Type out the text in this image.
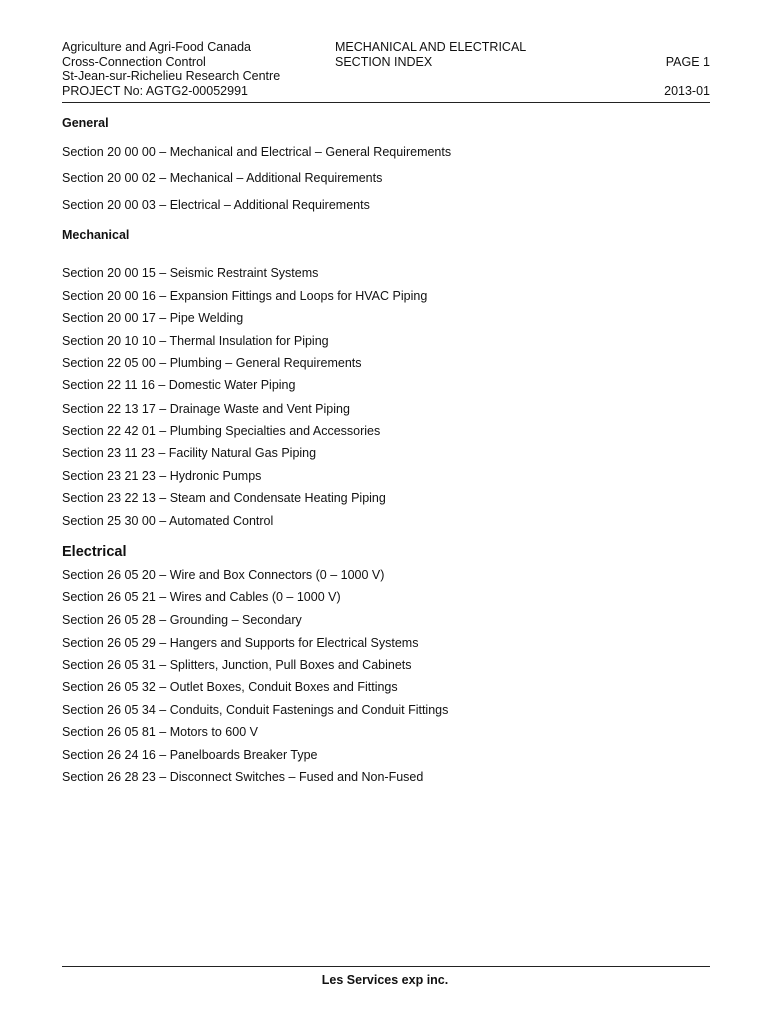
Agriculture and Agri-Food Canada
Cross-Connection Control
St-Jean-sur-Richelieu Research Centre
PROJECT No: AGTG2-00052991
MECHANICAL AND ELECTRICAL
SECTION INDEX	PAGE 1
2013-01
General
Section 20 00 00 – Mechanical and Electrical – General Requirements
Section 20 00 02 – Mechanical – Additional Requirements
Section 20 00 03 – Electrical – Additional Requirements
Mechanical
Section 20 00 15 – Seismic Restraint Systems
Section 20 00 16 – Expansion Fittings and Loops for HVAC Piping
Section 20 00 17 – Pipe Welding
Section 20 10 10 – Thermal Insulation for Piping
Section 22 05 00 – Plumbing – General Requirements
Section 22 11 16 – Domestic Water Piping
Section 22 13 17 – Drainage Waste and Vent Piping
Section 22 42 01 – Plumbing Specialties and Accessories
Section 23 11 23 – Facility Natural Gas Piping
Section 23 21 23 – Hydronic Pumps
Section 23 22 13 – Steam and Condensate Heating Piping
Section 25 30 00 – Automated Control
Electrical
Section 26 05 20 – Wire and Box Connectors (0 – 1000 V)
Section 26 05 21 – Wires and Cables (0 – 1000 V)
Section 26 05 28 – Grounding – Secondary
Section 26 05 29 – Hangers and Supports for Electrical Systems
Section 26 05 31 – Splitters, Junction, Pull Boxes and Cabinets
Section 26 05 32 – Outlet Boxes, Conduit Boxes and Fittings
Section 26 05 34 – Conduits, Conduit Fastenings and Conduit Fittings
Section 26 05 81 – Motors to 600 V
Section 26 24 16 – Panelboards Breaker Type
Section 26 28 23 – Disconnect Switches – Fused and Non-Fused
Les Services exp inc.
